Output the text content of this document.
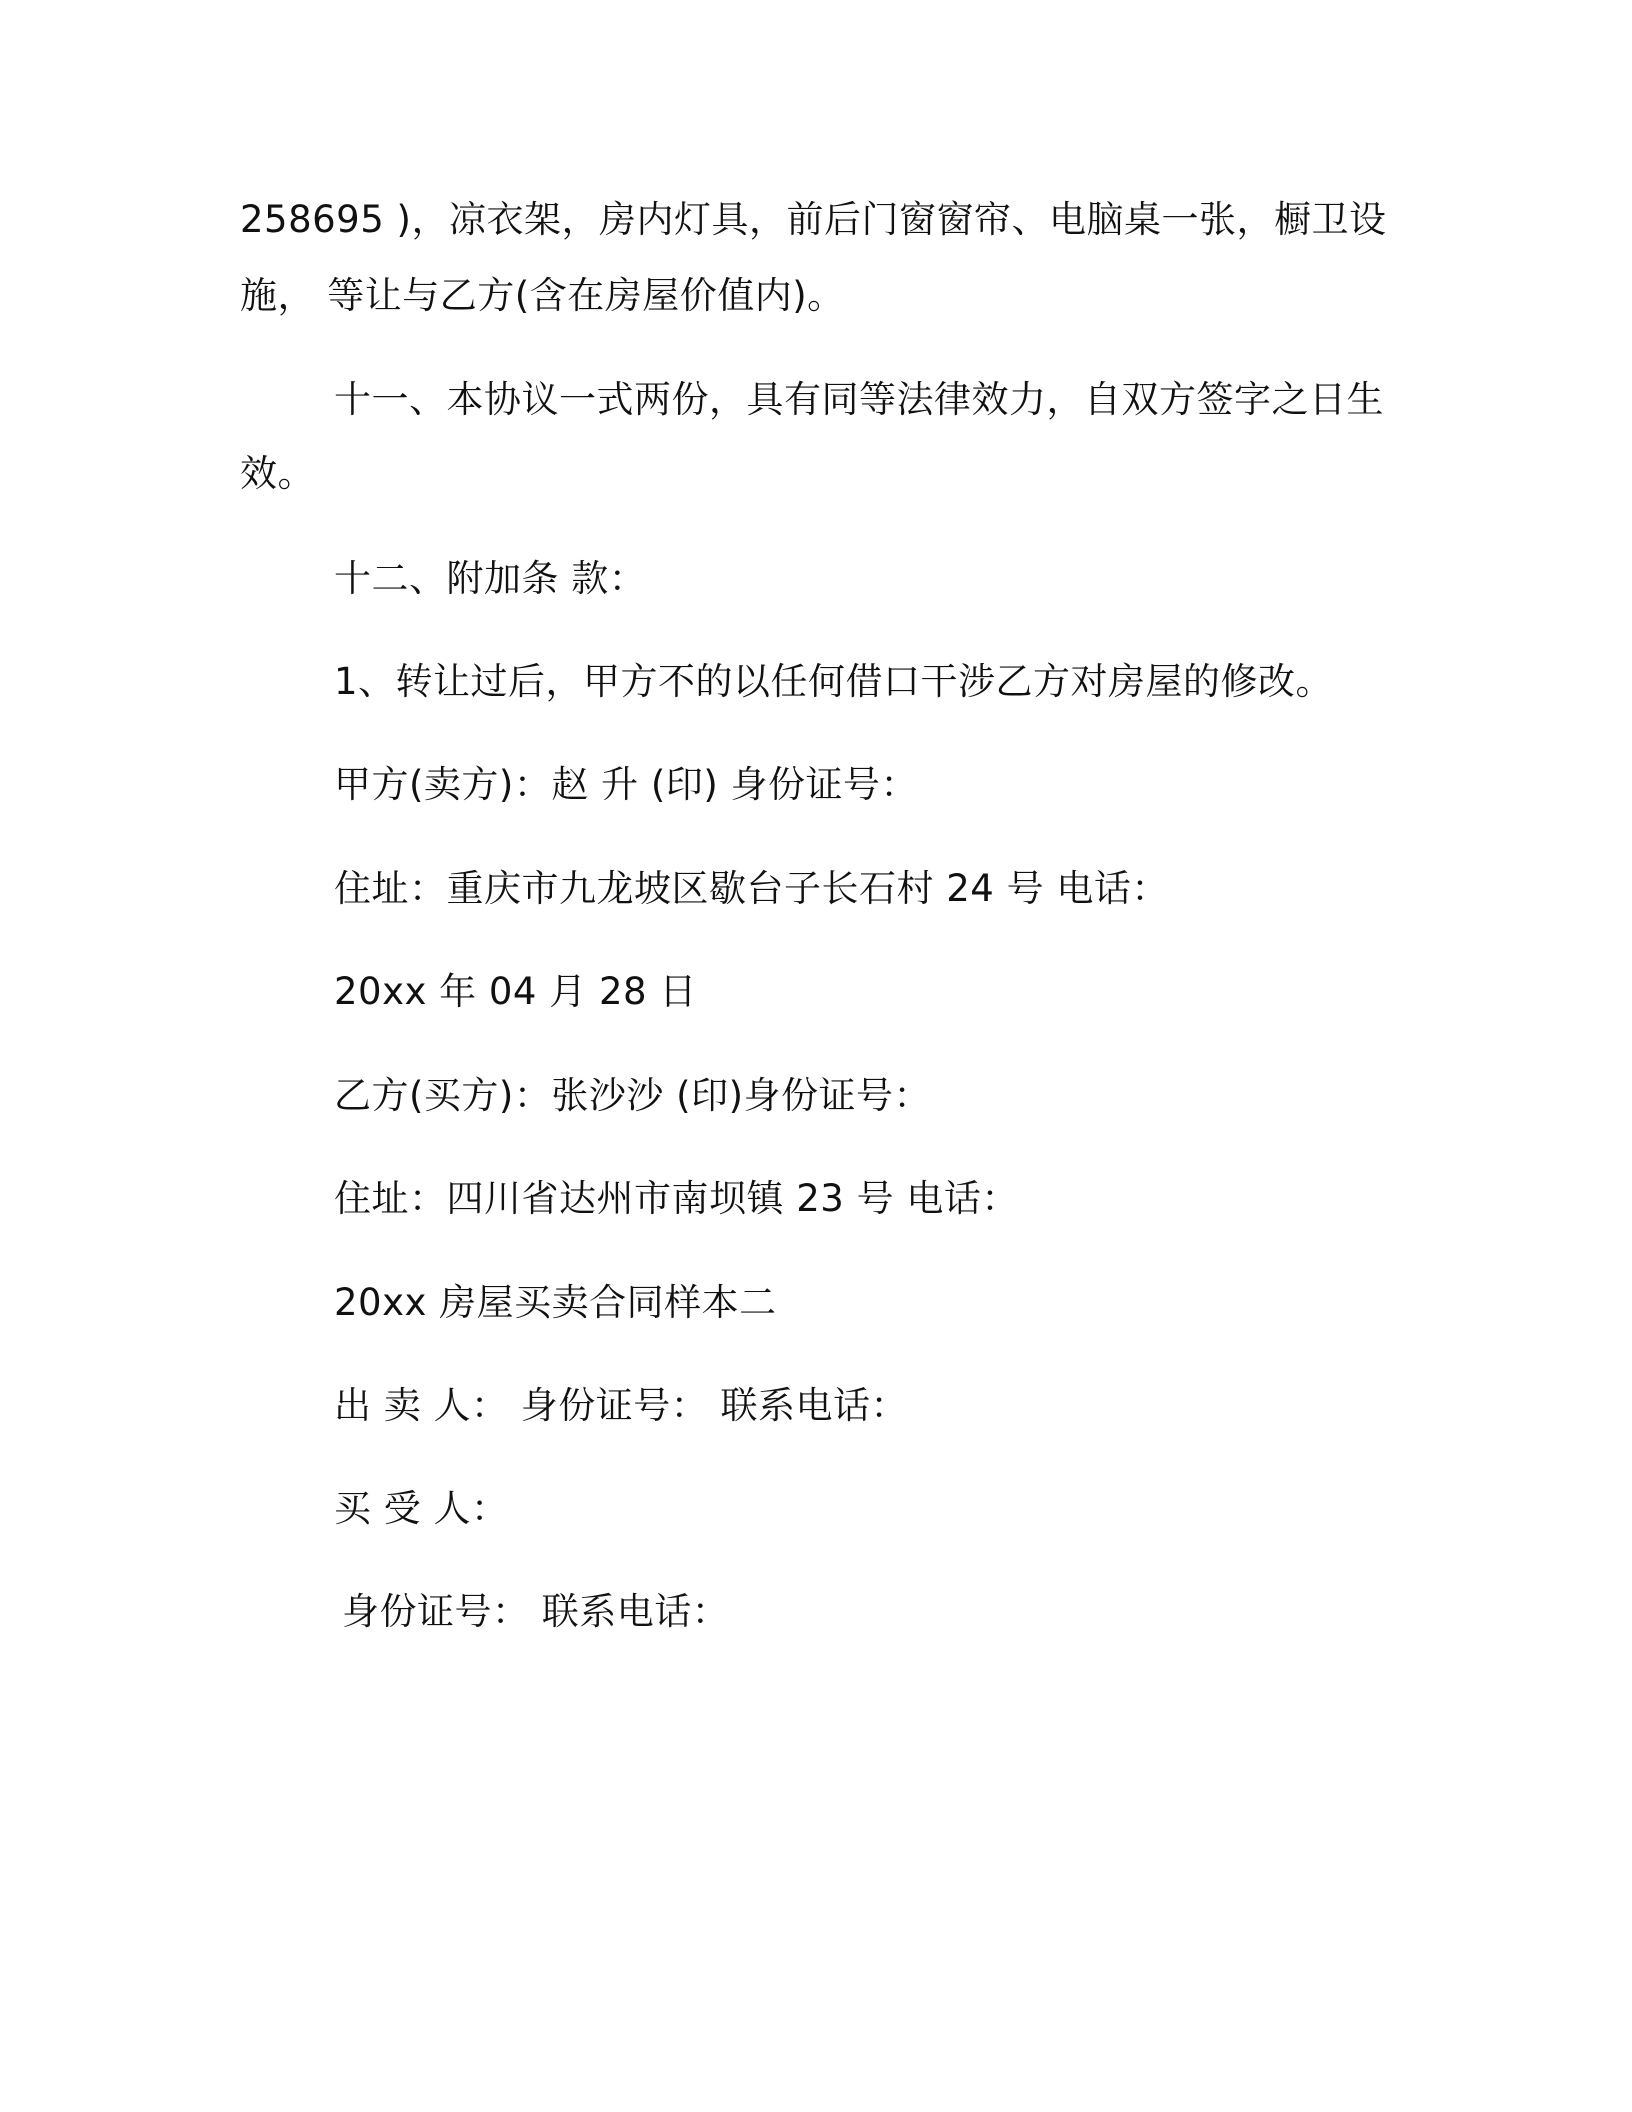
258695 )，凉衣架，房内灯具，前后门窗窗帘、电脑桌一张，橱卫设
施， 等让与乙方(含在房屋价值内)。
十一、本协议一式两份，具有同等法律效力，自双方签字之日生
效。
十二、附加条 款：
1、转让过后，甲方不的以任何借口干涉乙方对房屋的修改。
甲方(卖方)：赵 升 (印) 身份证号：
住址：重庆市九龙坡区歇台子长石村 24 号 电话：
20xx 年 04 月 28 日
乙方(买方)：张沙沙 (印)身份证号：
住址：四川省达州市南坝镇 23 号 电话：
20xx 房屋买卖合同样本二
出 卖 人： 身份证号： 联系电话：
买 受 人：
身份证号： 联系电话：
